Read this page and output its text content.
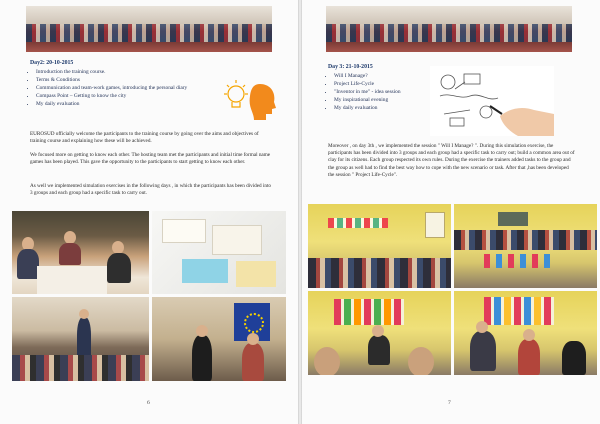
Day2: 20-10-2015
• Introduction the training course.
• Terms & Conditions
• Communication and team-work games, introducing the personal diary
• Compass Point – Getting to know the city
• My daily evaluation
EUROSUD officially welcome the participants to the training course by going over the aims and objectives of training course and explaining how these will be achieved.
We focused more on getting to know each other. The hosting team met the participants and initial time formal name games has been played. This gave the opportunity to the participants to start getting to know each other.
As well we implemented simulation exercises in the following days , in which the participants has been divided into 3 groups and each group had a specific task to carry out.
6
Day 3: 21-10-2015
• Will I Manage?
• Project Life-Cycle
• "Inventor in me" - idea session
• My inspirational evening
• My daily evaluation
Moreover , on day 3th , we implemented the session " Will I Manage? ". During this simulation exercise, the participants has been divided into 3 groups and each group had a specific task to carry out; build a common area out of clay for its citizens. Each group respected its own rules. During the exercise the trainers added tasks to the group and the group as well had to find the best way how to cope with the new scenario or task. After that ,has been developed the session " Project Life-Cycle".
7
